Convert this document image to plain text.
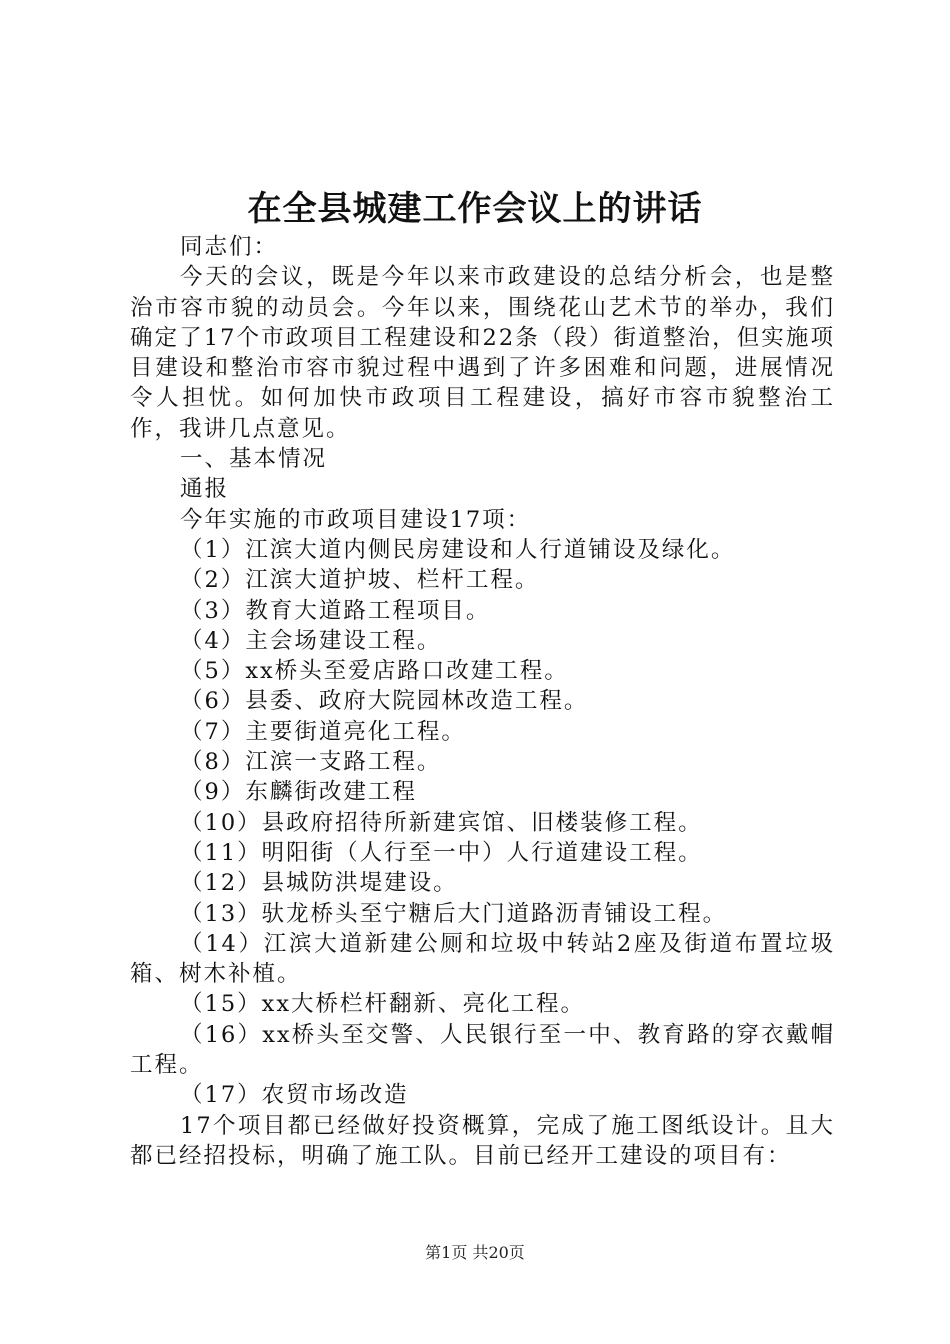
在全县城建工作会议上的讲话

同志们：

今天的会议，既是今年以来市政建设的总结分析会，也是整治市容市貌的动员会。今年以来，围绕花山艺术节的举办，我们确定了17个市政项目工程建设和22条（段）街道整治，但实施项目建设和整治市容市貌过程中遇到了许多困难和问题，进展情况令人担忧。如何加快市政项目工程建设，搞好市容市貌整治工作，我讲几点意见。

一、基本情况

通报

今年实施的市政项目建设17项：

（1）江滨大道内侧民房建设和人行道铺设及绿化。

（2）江滨大道护坡、栏杆工程。

（3）教育大道路工程项目。

（4）主会场建设工程。

（5）xx桥头至爱店路口改建工程。

（6）县委、政府大院园林改造工程。

（7）主要街道亮化工程。

（8）江滨一支路工程。

（9）东麟街改建工程

（10）县政府招待所新建宾馆、旧楼装修工程。

（11）明阳街（人行至一中）人行道建设工程。

（12）县城防洪堤建设。

（13）驮龙桥头至宁糖后大门道路沥青铺设工程。

（14）江滨大道新建公厕和垃圾中转站2座及街道布置垃圾箱、树木补植。

（15）xx大桥栏杆翻新、亮化工程。

（16）xx桥头至交警、人民银行至一中、教育路的穿衣戴帽工程。

（17）农贸市场改造

17个项目都已经做好投资概算，完成了施工图纸设计。且大都已经招投标，明确了施工队。目前已经开工建设的项目有：

第1页 共20页
